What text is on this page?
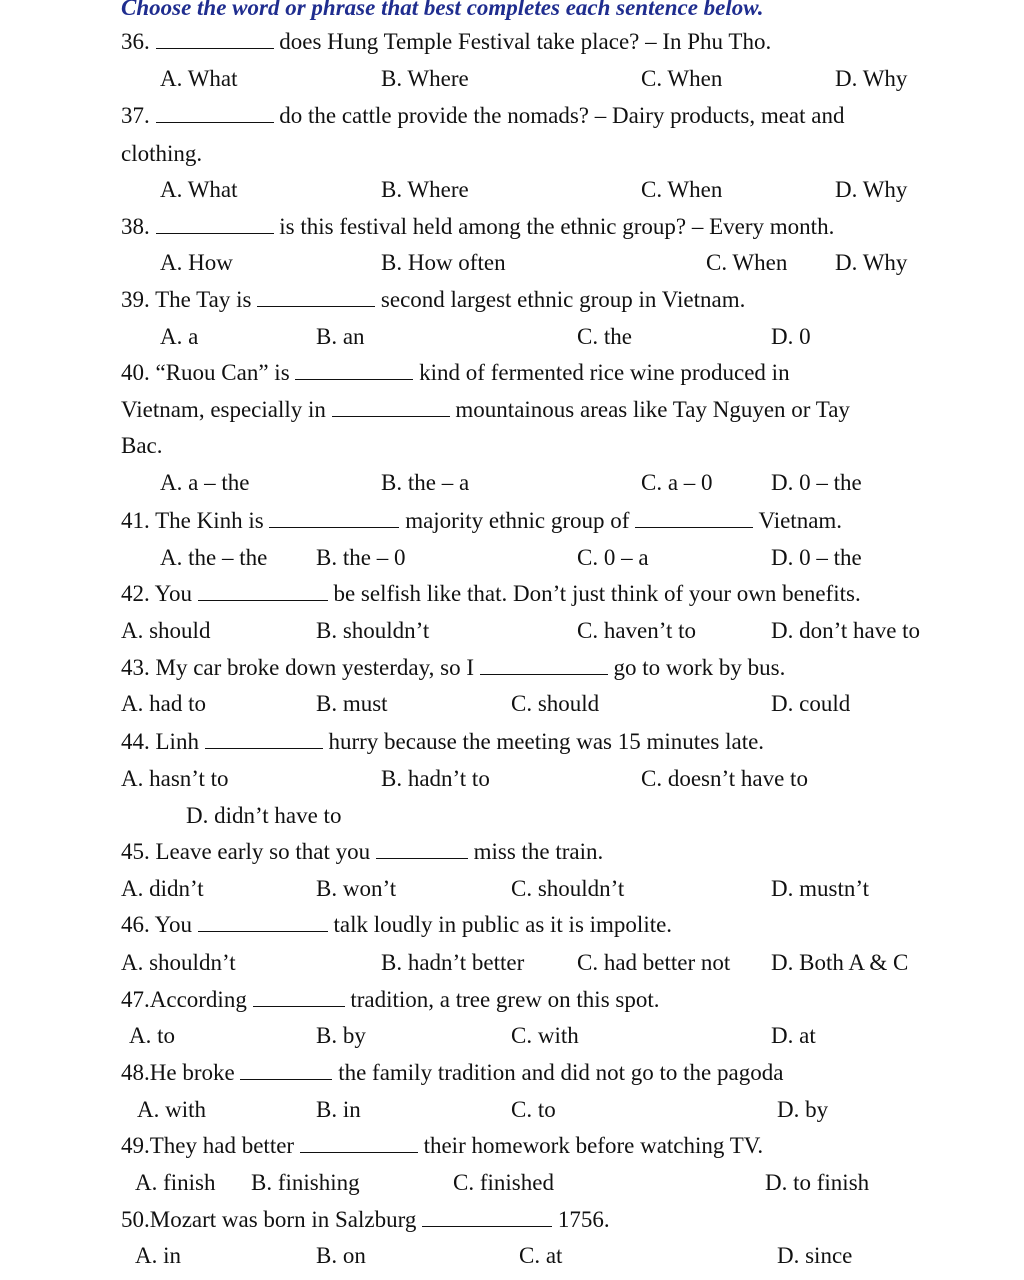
Choose the word or phrase that best completes each sentence below.
36.	does Hung Temple Festival take place? – In Phu Tho.
A. What	B. Where	C. When	D. Why
37.	do the cattle provide the nomads? – Dairy products, meat and
clothing.
A. What	B. Where	C. When	D. Why
38.	is this festival held among the ethnic group? – Every month.
A. How	B. How often	C. When D. Why
39. The Tay is	second largest ethnic group in Vietnam.
A. a	B. an	C. the	D. 0
40. “Ruou Can” is	kind of fermented rice wine produced in
Vietnam, especially in	mountainous areas like Tay Nguyen or Tay
Bac.
A. a – the	B. the – a	C. a – 0	D. 0 – the
41. The Kinh is	majority ethnic group of	Vietnam.
A. the – the B. the – 0	C. 0 – a	D. 0 – the
42. You	be selfish like that. Don’t just think of your own benefits.
A. should	B. shouldn’t	C. haven’t to	D. don’t have to
43. My car broke down yesterday, so I	go to work by bus.
A. had to	B. must	C. should	D. could
44. Linh	hurry because the meeting was 15 minutes late.
A. hasn’t to	B. hadn’t to	C. doesn’t have to
D. didn’t have to
45. Leave early so that you	miss the train.
A. didn’t	B. won’t	C. shouldn’t	D. mustn’t
46. You	talk loudly in public as it is impolite.
A. shouldn’t	B. hadn’t better C. had better not D. Both A & C
47.According	tradition, a tree grew on this spot.
A. to	B. by	C. with	D. at
48.He broke	the family tradition and did not go to the pagoda
A. with	B. in	C. to	D. by
49.They had better	their homework before watching TV.
A. finish B. finishing	C. finished	D. to finish
50.Mozart was born in Salzburg	1756.
A. in	B. on	C. at	D. since
